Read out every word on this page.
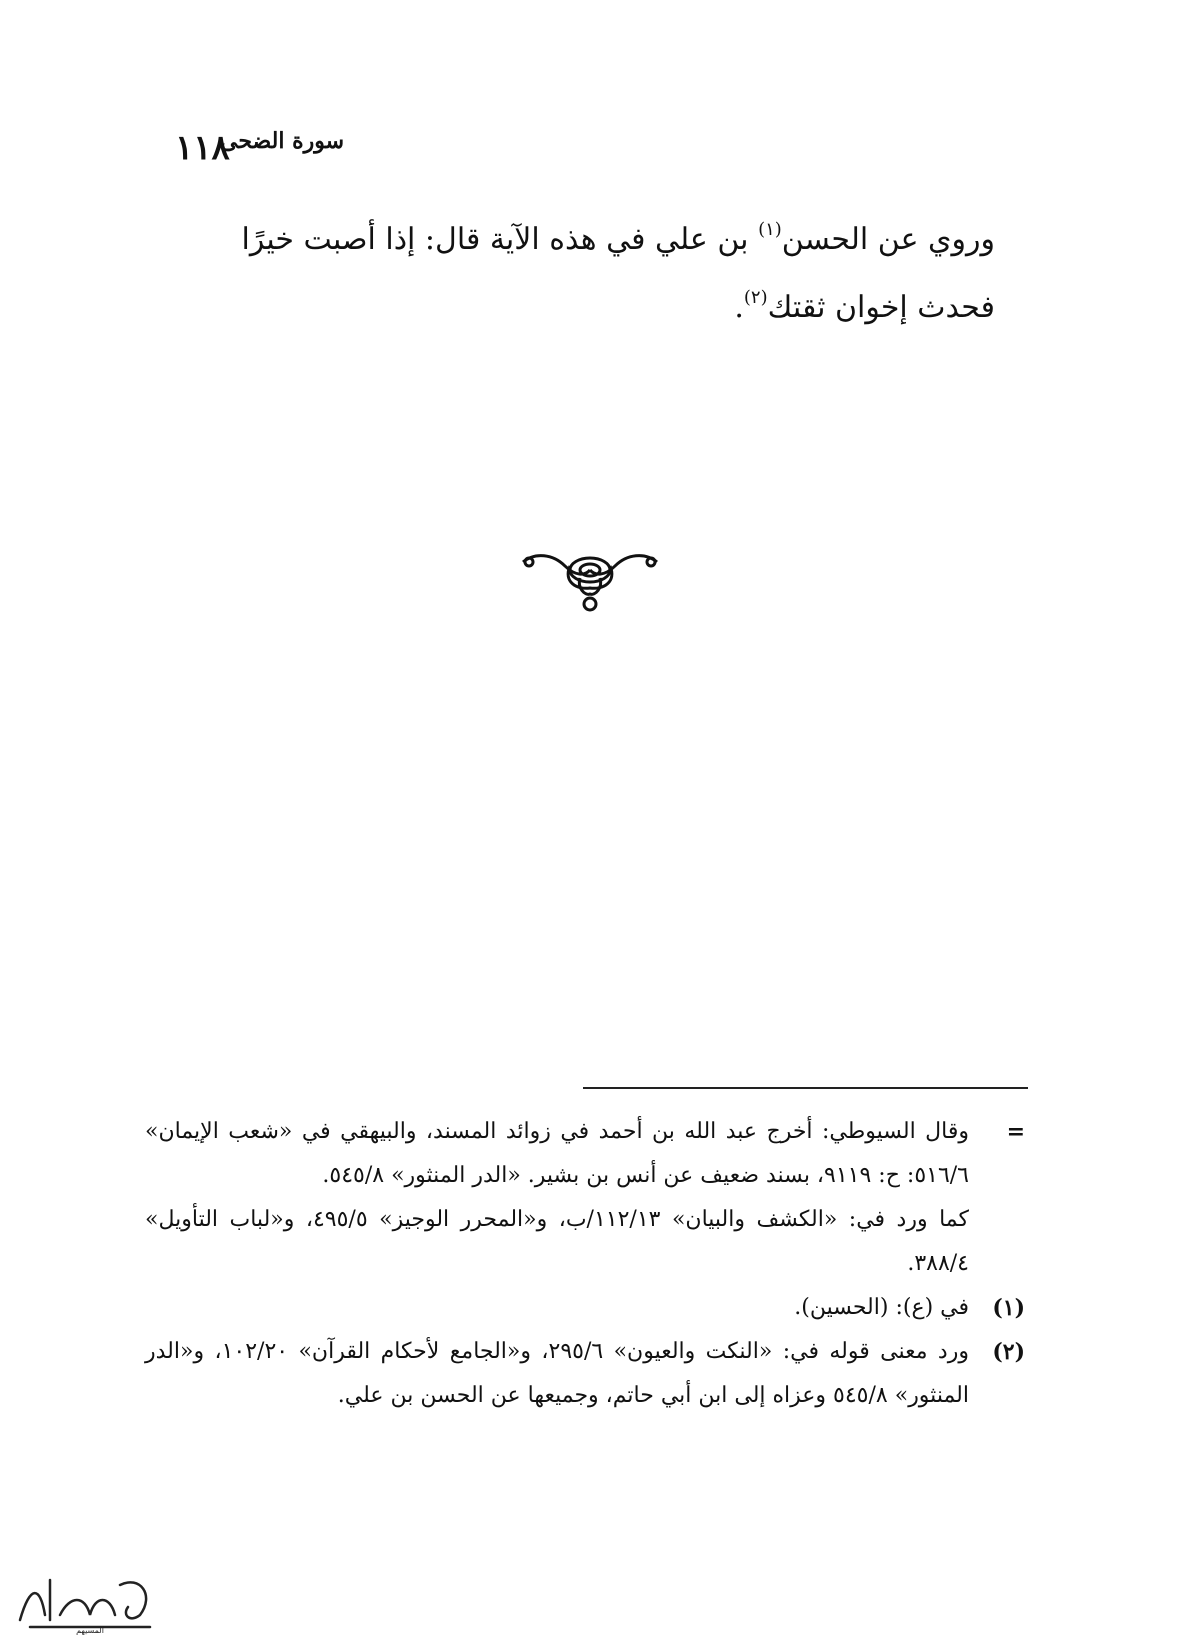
١١٨
سورة الضحى

وروي عن الحسن$^{(١)}$ بن علي في هذه الآية قال: إذا أصبت خيرًا

فحدث إخوان ثقتك$^{(٢)}$.

=
وقال السيوطي: أخرج عبد الله بن أحمد في زوائد المسند، والبيهقي في «شعب الإيمان» ٥١٦/٦: ح: ٩١١٩، بسند ضعيف عن أنس بن بشير. «الدر المنثور» ٥٤٥/٨.
كما ورد في: «الكشف والبيان» ١١٢/١٣/ب، و«المحرر الوجيز» ٤٩٥/٥، و«لباب التأويل» ٣٨٨/٤.
(١)
في (ع): (الحسين).
(٢)
ورد معنى قوله في: «النكت والعيون» ٢٩٥/٦، و«الجامع لأحكام القرآن» ١٠٢/٢٠، و«الدر المنثور» ٥٤٥/٨ وعزاه إلى ابن أبي حاتم، وجميعها عن الحسن بن علي.
المسيهم
